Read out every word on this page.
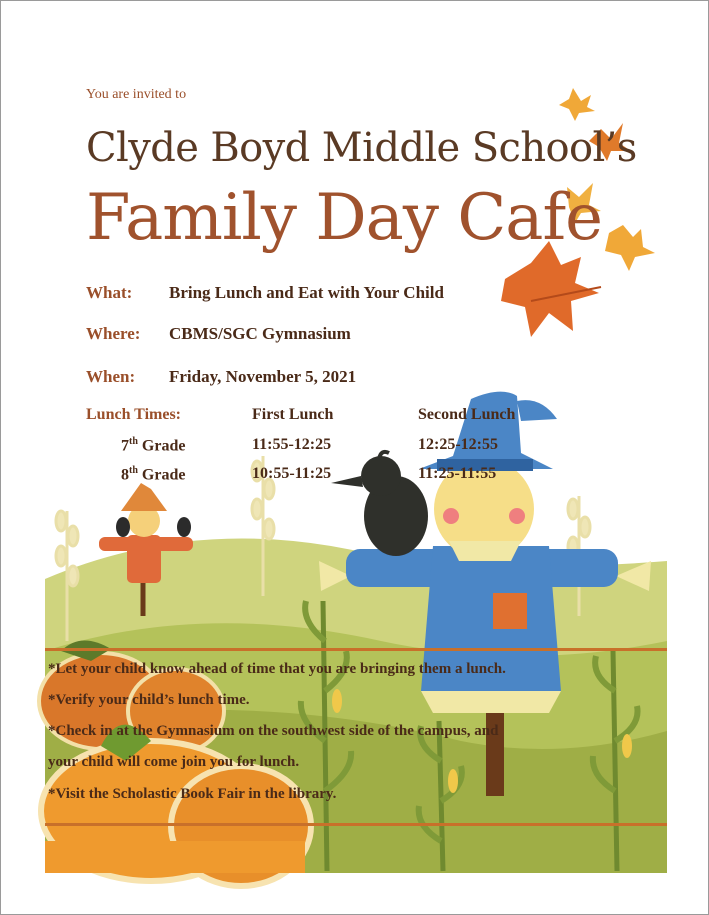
You are invited to
Clyde Boyd Middle School’s
Family Day Cafe
What: Bring Lunch and Eat with Your Child
Where: CBMS/SGC Gymnasium
When: Friday, November 5, 2021
Lunch Times:	First Lunch	Second Lunch
7th Grade	11:55-12:25	12:25-12:55
8th Grade	10:55-11:25	11:25-11:55
*Let your child know ahead of time that you are bringing them a lunch.
*Verify your child’s lunch time.
*Check in at the Gymnasium on the southwest side of the campus, and
your child will come join you for lunch.
*Visit the Scholastic Book Fair in the library.
